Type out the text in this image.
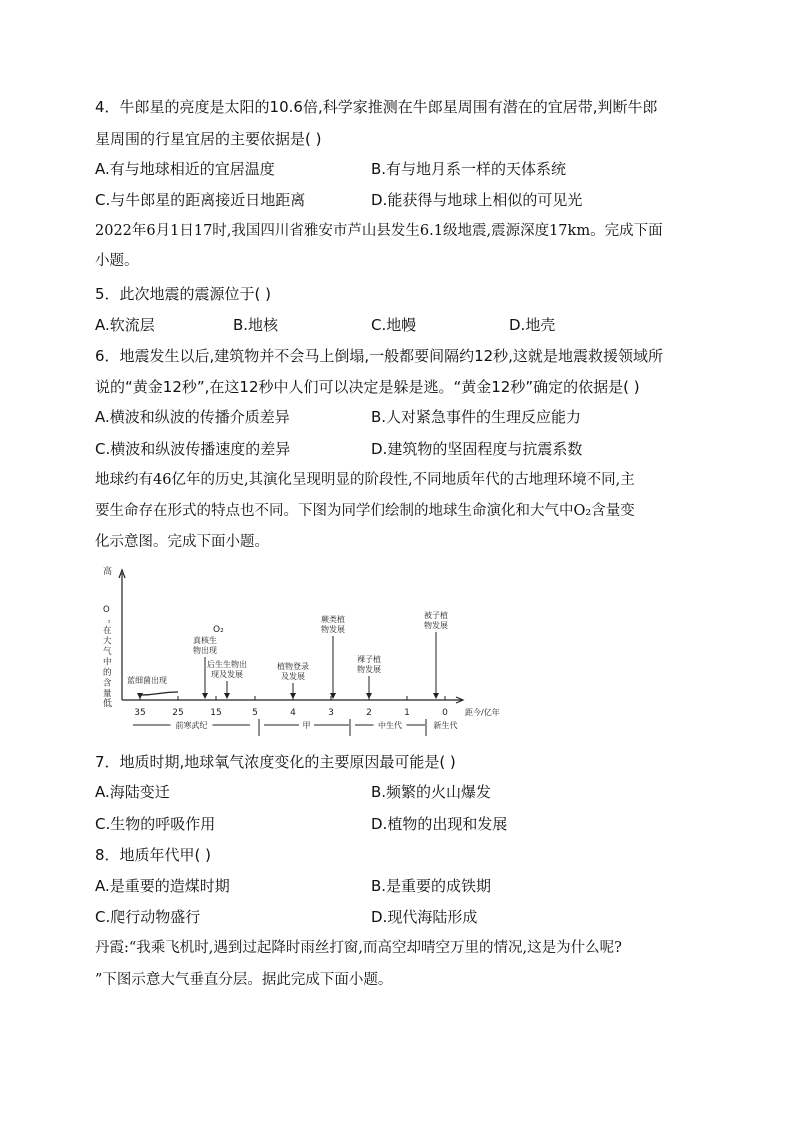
4．牛郎星的亮度是太阳的10.6倍,科学家推测在牛郎星周围有潜在的宜居带,判断牛郎
星周围的行星宜居的主要依据是( )
A.有与地球相近的宜居温度	B.有与地月系一样的天体系统
C.与牛郎星的距离接近日地距离	D.能获得与地球上相似的可见光
2022年6月1日17时,我国四川省雅安市芦山县发生6.1级地震,震源深度17km。完成下面
小题。
5．此次地震的震源位于( )
A.软流层	B.地核	C.地幔	D.地壳
6．地震发生以后,建筑物并不会马上倒塌,一般都要间隔约12秒,这就是地震救援领域所
说的“黄金12秒”,在这12秒中人们可以决定是躲是逃。“黄金12秒”确定的依据是( )
A.横波和纵波的传播介质差异	B.人对紧急事件的生理反应能力
C.横波和纵波传播速度的差异	D.建筑物的坚固程度与抗震系数
地球约有46亿年的历史,其演化呈现明显的阶段性,不同地质年代的古地理环境不同,主
要生命存在形式的特点也不同。下图为同学们绘制的地球生命演化和大气中O₂含量变
化示意图。完成下面小题。
高
低
距今/亿年
O
₂
在
大
气
中
的
含
量
O₂
35	25	15	5	4	3	2	1	0
蓝细菌出现
真核生
物出现
后生生物出
现及发展
植物登录
及发展
蕨类植
物发展
裸子植
物发展
被子植
物发展
前寒武纪	甲	中生代	新生代
7．地质时期,地球氧气浓度变化的主要原因最可能是( )
A.海陆变迁	B.频繁的火山爆发
C.生物的呼吸作用	D.植物的出现和发展
8．地质年代甲( )
A.是重要的造煤时期	B.是重要的成铁期
C.爬行动物盛行	D.现代海陆形成
丹霞:“我乘飞机时,遇到过起降时雨丝打窗,而高空却晴空万里的情况,这是为什么呢?
”下图示意大气垂直分层。据此完成下面小题。
